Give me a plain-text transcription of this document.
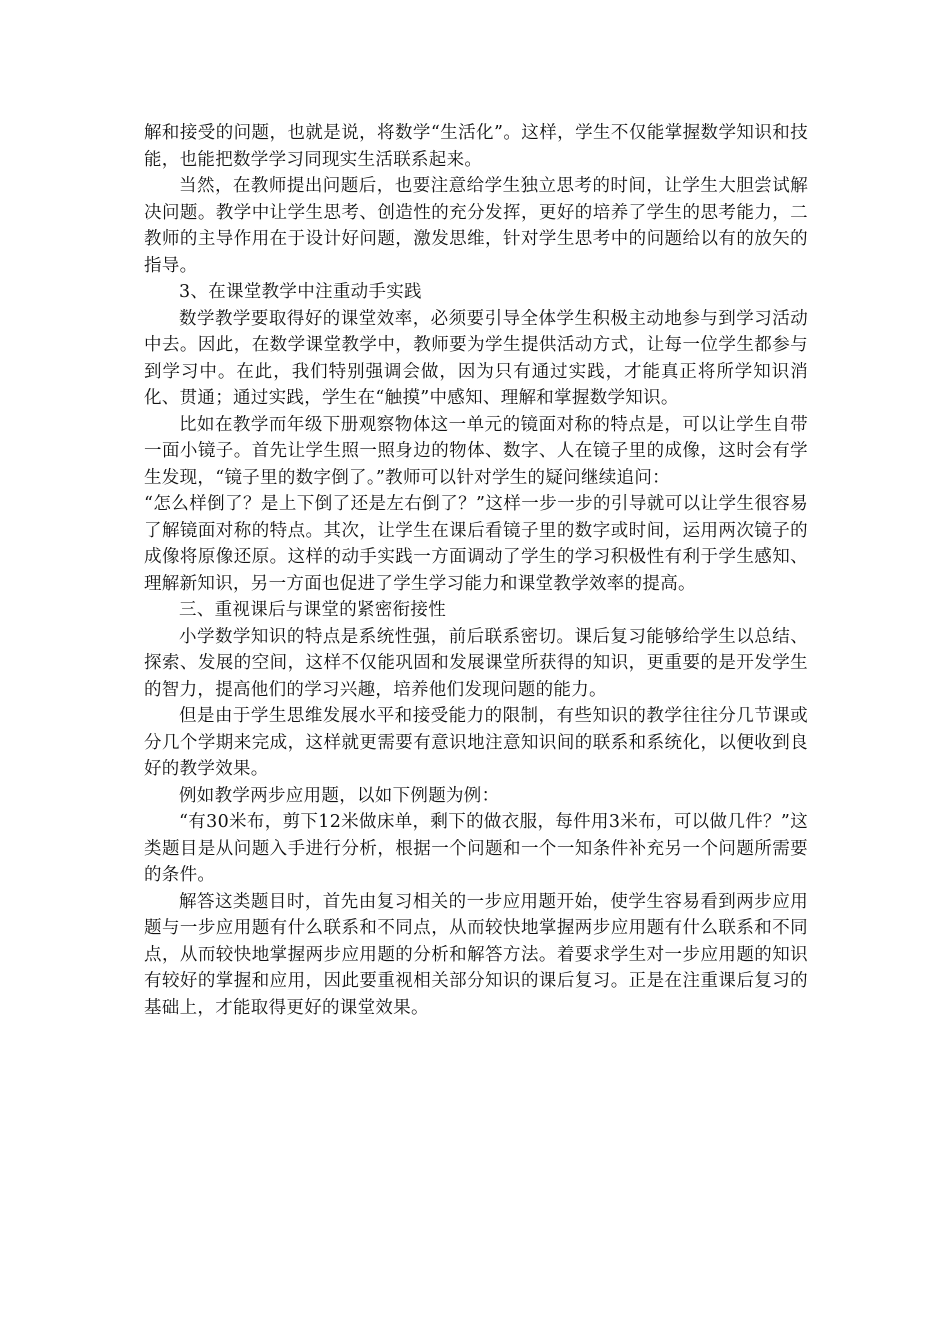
解和接受的问题，也就是说，将数学“生活化”。这样，学生不仅能掌握数学知识和技能，也能把数学学习同现实生活联系起来。

当然，在教师提出问题后，也要注意给学生独立思考的时间，让学生大胆尝试解决问题。教学中让学生思考、创造性的充分发挥，更好的培养了学生的思考能力，二教师的主导作用在于设计好问题，激发思维，针对学生思考中的问题给以有的放矢的指导。

3、在课堂教学中注重动手实践

数学教学要取得好的课堂效率，必须要引导全体学生积极主动地参与到学习活动中去。因此，在数学课堂教学中，教师要为学生提供活动方式，让每一位学生都参与到学习中。在此，我们特别强调会做，因为只有通过实践，才能真正将所学知识消化、贯通；通过实践，学生在“触摸”中感知、理解和掌握数学知识。

比如在教学而年级下册观察物体这一单元的镜面对称的特点是，可以让学生自带一面小镜子。首先让学生照一照身边的物体、数字、人在镜子里的成像，这时会有学生发现，“镜子里的数字倒了。”教师可以针对学生的疑问继续追问：

“怎么样倒了？是上下倒了还是左右倒了？”这样一步一步的引导就可以让学生很容易了解镜面对称的特点。其次，让学生在课后看镜子里的数字或时间，运用两次镜子的成像将原像还原。这样的动手实践一方面调动了学生的学习积极性有利于学生感知、理解新知识，另一方面也促进了学生学习能力和课堂教学效率的提高。

三、重视课后与课堂的紧密衔接性

小学数学知识的特点是系统性强，前后联系密切。课后复习能够给学生以总结、探索、发展的空间，这样不仅能巩固和发展课堂所获得的知识，更重要的是开发学生的智力，提高他们的学习兴趣，培养他们发现问题的能力。

但是由于学生思维发展水平和接受能力的限制，有些知识的教学往往分几节课或分几个学期来完成，这样就更需要有意识地注意知识间的联系和系统化，以便收到良好的教学效果。

例如教学两步应用题，以如下例题为例：

“有30米布，剪下12米做床单，剩下的做衣服，每件用3米布，可以做几件？”这类题目是从问题入手进行分析，根据一个问题和一个一知条件补充另一个问题所需要的条件。

解答这类题目时，首先由复习相关的一步应用题开始，使学生容易看到两步应用题与一步应用题有什么联系和不同点，从而较快地掌握两步应用题有什么联系和不同点，从而较快地掌握两步应用题的分析和解答方法。着要求学生对一步应用题的知识有较好的掌握和应用，因此要重视相关部分知识的课后复习。正是在注重课后复习的基础上，才能取得更好的课堂效果。
